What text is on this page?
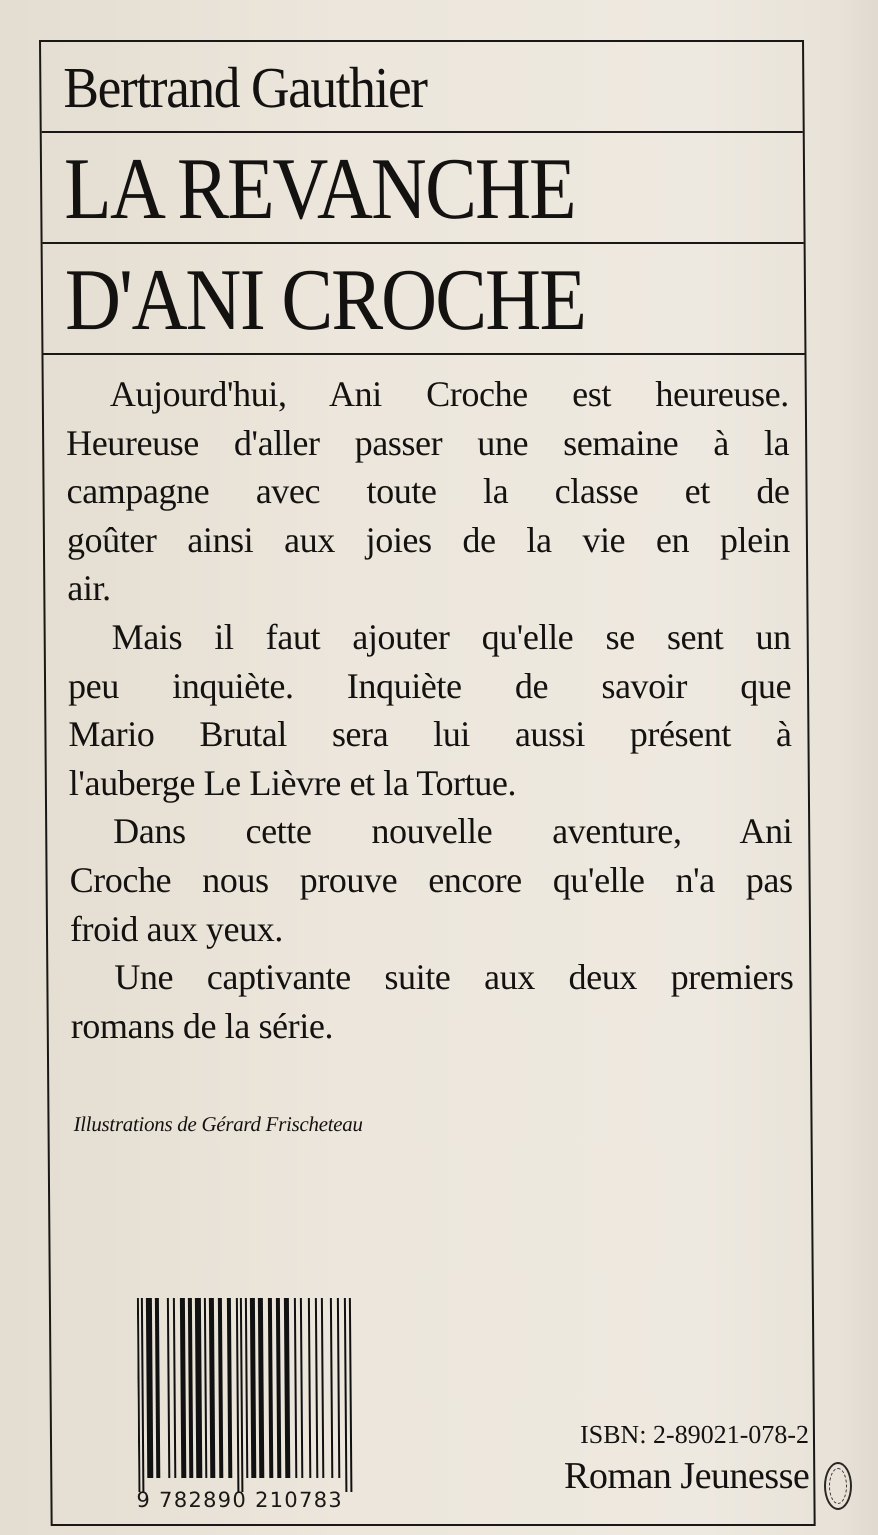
Bertrand Gauthier
LA REVANCHE
D'ANI CROCHE
Aujourd'hui, Ani Croche est heureuse.
Heureuse d'aller passer une semaine à la
campagne avec toute la classe et de
goûter ainsi aux joies de la vie en plein
air.
Mais il faut ajouter qu'elle se sent un
peu inquiète. Inquiète de savoir que
Mario Brutal sera lui aussi présent à
l'auberge Le Lièvre et la Tortue.
Dans cette nouvelle aventure, Ani
Croche nous prouve encore qu'elle n'a pas
froid aux yeux.
Une captivante suite aux deux premiers
romans de la série.
Illustrations de Gérard Frischeteau
9 782890 210783
ISBN: 2-89021-078-2
Roman Jeunesse
